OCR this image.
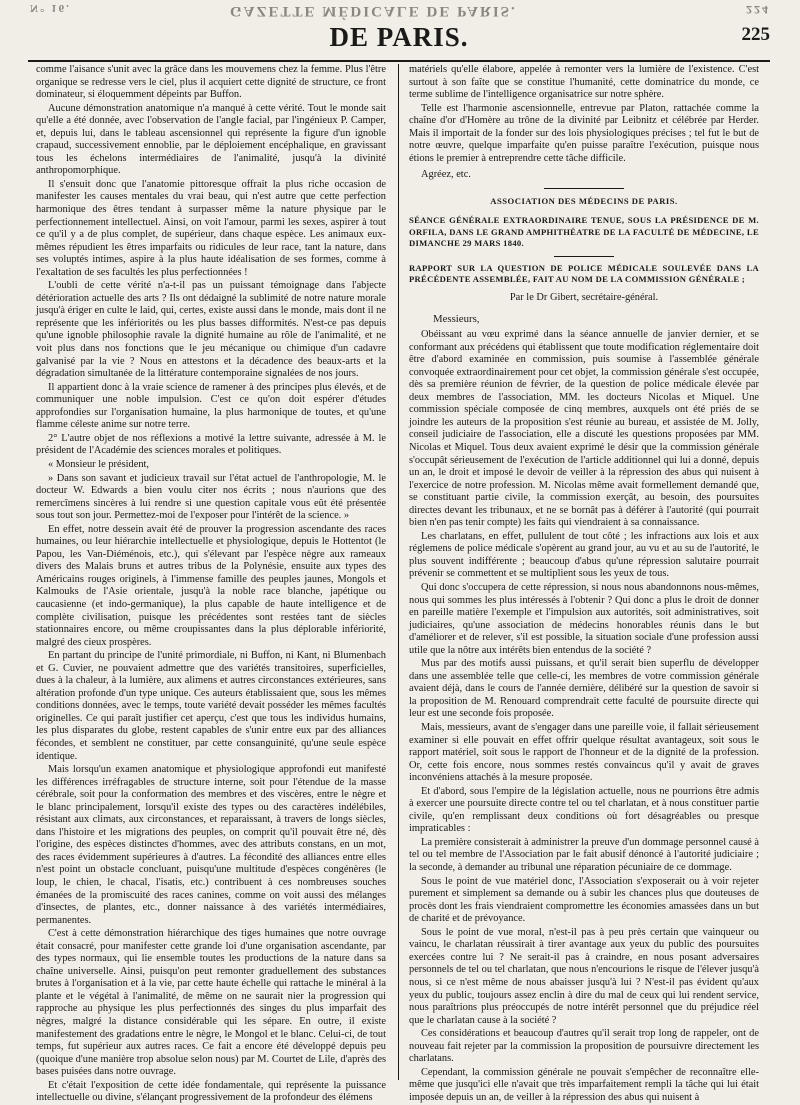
N° 16.	GAZETTE MÉDICALE DE PARIS.	224
DE PARIS.	225

comme l'aisance s'unit avec la grâce dans les mouvemens chez la femme. Plus l'être organique se redresse vers le ciel, plus il acquiert cette dignité de structure, ce front dominateur, si éloquemment dépeints par Buffon.

Aucune démonstration anatomique n'a manqué à cette vérité. Tout le monde sait qu'elle a été donnée, avec l'observation de l'angle facial, par l'ingénieux P. Camper, et, depuis lui, dans le tableau ascensionnel qui représente la figure d'un ignoble crapaud, successivement ennoblie, par le déploiement encéphalique, en gravissant tous les échelons intermédiaires de l'animalité, jusqu'à la divinité anthropomorphique.

Il s'ensuit donc que l'anatomie pittoresque offrait la plus riche occasion de manifester les causes mentales du vrai beau, qui n'est autre que cette perfection harmonique des êtres tendant à surpasser même la nature physique par le perfectionnement intellectuel. Ainsi, on voit l'amour, parmi les sexes, aspirer à tout ce qu'il y a de plus complet, de supérieur, dans chaque espèce. Les animaux eux-mêmes répudient les êtres imparfaits ou ridicules de leur race, tant la nature, dans ses voluptés intimes, aspire à la plus haute idéalisation de ses formes, comme à l'exaltation de ses facultés les plus perfectionnées !

L'oubli de cette vérité n'a-t-il pas un puissant témoignage dans l'abjecte détérioration actuelle des arts ? Ils ont dédaigné la sublimité de notre nature morale jusqu'à ériger en culte le laid, qui, certes, existe aussi dans le monde, mais dont il ne représente que les infériorités ou les plus basses difformités. N'est-ce pas depuis qu'une ignoble philosophie ravale la dignité humaine au rôle de l'animalité, et ne voit plus dans nos fonctions que le jeu mécanique ou chimique d'un cadavre galvanisé par la vie ? Nous en attestons et la décadence des beaux-arts et la dégradation simultanée de la littérature contemporaine signalées de nos jours.

Il appartient donc à la vraie science de ramener à des principes plus élevés, et de communiquer une noble impulsion. C'est ce qu'on doit espérer d'études approfondies sur l'organisation humaine, la plus harmonique de toutes, et qu'une flamme céleste anime sur notre terre.

2° L'autre objet de nos réflexions a motivé la lettre suivante, adressée à M. le président de l'Académie des sciences morales et politiques.

« Monsieur le président,

» Dans son savant et judicieux travail sur l'état actuel de l'anthropologie, M. le docteur W. Edwards a bien voulu citer nos écrits ; nous n'aurions que des remercîmens sincères à lui rendre si une question capitale vous eût été présentée sous tout son jour. Permettez-moi de l'exposer pour l'intérêt de la science. »

En effet, notre dessein avait été de prouver la progression ascendante des races humaines, ou leur hiérarchie intellectuelle et physiologique, depuis le Hottentot (le Papou, les Van-Diéménois, etc.), qui s'élevant par l'espèce nègre aux rameaux divers des Malais bruns et autres tribus de la Polynésie, ensuite aux types des Américains rouges originels, à l'immense famille des peuples jaunes, Mongols et Kalmouks de l'Asie orientale, jusqu'à la noble race blanche, japétique ou caucasienne (et indo-germanique), la plus capable de haute intelligence et de complète civilisation, puisque les précédentes sont restées tant de siècles stationnaires encore, ou même croupissantes dans la plus déplorable infériorité, malgré des cieux prospères.

En partant du principe de l'unité primordiale, ni Buffon, ni Kant, ni Blumenbach et G. Cuvier, ne pouvaient admettre que des variétés transitoires, superficielles, dues à la chaleur, à la lumière, aux alimens et autres circonstances extérieures, sans altération profonde d'un type unique. Ces auteurs établissaient que, sous les mêmes conditions données, avec le temps, toute variété devait posséder les mêmes facultés originelles. Ce qui paraît justifier cet aperçu, c'est que tous les individus humains, les plus disparates du globe, restent capables de s'unir entre eux par des alliances fécondes, et semblent ne constituer, par cette consanguinité, qu'une seule espèce identique.

Mais lorsqu'un examen anatomique et physiologique approfondi eut manifesté les différences irréfragables de structure interne, soit pour l'étendue de la masse cérébrale, soit pour la conformation des membres et des viscères, entre le nègre et le blanc principalement, lorsqu'il existe des types ou des caractères indélébiles, résistant aux climats, aux circonstances, et reparaissant, à travers de longs siècles, dans l'histoire et les migrations des peuples, on comprit qu'il pouvait être né, dès l'origine, des espèces distinctes d'hommes, avec des attributs constans, en un mot, des races évidemment supérieures à d'autres. La fécondité des alliances entre elles n'est point un obstacle concluant, puisqu'une multitude d'espèces congénères (le loup, le chien, le chacal, l'isatis, etc.) contribuent à ces nombreuses souches émanées de la promiscuité des races canines, comme on voit aussi des mélanges d'insectes, de plantes, etc., donner naissance à des variétés intermédiaires, permanentes.

C'est à cette démonstration hiérarchique des tiges humaines que notre ouvrage était consacré, pour manifester cette grande loi d'une organisation ascendante, par des types normaux, qui lie ensemble toutes les productions de la nature dans sa chaîne universelle. Ainsi, puisqu'on peut remonter graduellement des substances brutes à l'organisation et à la vie, par cette haute échelle qui rattache le minéral à la plante et le végétal à l'animalité, de même on ne saurait nier la progression qui rapproche au physique les plus perfectionnés des singes du plus imparfait des nègres, malgré la distance considérable qui les sépare. En outre, il existe manifestement des gradations entre le nègre, le Mongol et le blanc. Celui-ci, de tout temps, fut supérieur aux autres races. Ce fait a encore été développé depuis peu (quoique d'une manière trop absolue selon nous) par M. Courtet de Lile, d'après des bases puisées dans notre ouvrage.

Et c'était l'exposition de cette idée fondamentale, qui représente la puissance intellectuelle ou divine, s'élançant progressivement de la profondeur des élémens

matériels qu'elle élabore, appelée à remonter vers la lumière de l'existence. C'est surtout à son faîte que se constitue l'humanité, cette dominatrice du monde, ce terme sublime de l'intelligence organisatrice sur notre sphère.

Telle est l'harmonie ascensionnelle, entrevue par Platon, rattachée comme la chaîne d'or d'Homère au trône de la divinité par Leibnitz et célébrée par Herder. Mais il importait de la fonder sur des lois physiologiques précises ; tel fut le but de notre œuvre, quelque imparfaite qu'en puisse paraître l'exécution, puisque nous étions le premier à entreprendre cette tâche difficile.

Agréez, etc.

ASSOCIATION DES MÉDECINS DE PARIS.

SÉANCE GÉNÉRALE EXTRAORDINAIRE TENUE, SOUS LA PRÉSIDENCE DE M. ORFILA, DANS LE GRAND AMPHITHÉATRE DE LA FACULTÉ DE MÉDECINE, LE DIMANCHE 29 MARS 1840.

RAPPORT SUR LA QUESTION DE POLICE MÉDICALE SOULEVÉE DANS LA PRÉCÉDENTE ASSEMBLÉE, FAIT AU NOM DE LA COMMISSION GÉNÉRALE ;

Par le Dr Gibert, secrétaire-général.

Messieurs,

Obéissant au vœu exprimé dans la séance annuelle de janvier dernier, et se conformant aux précédens qui établissent que toute modification réglementaire doit être d'abord examinée en commission, puis soumise à l'assemblée générale convoquée extraordinairement pour cet objet, la commission générale s'est occupée, dès sa première réunion de février, de la question de police médicale élevée par deux membres de l'association, MM. les docteurs Nicolas et Miquel. Une commission spéciale composée de cinq membres, auxquels ont été priés de se joindre les auteurs de la proposition s'est réunie au bureau, et assistée de M. Jolly, conseil judiciaire de l'association, elle a discuté les questions proposées par MM. Nicolas et Miquel. Tous deux avaient exprimé le désir que la commission générale s'occupât sérieusement de l'exécution de l'article additionnel qui lui a donné, depuis un an, le droit et imposé le devoir de veiller à la répression des abus qui nuisent à l'exercice de notre profession. M. Nicolas même avait formellement demandé que, se constituant partie civile, la commission exerçât, au besoin, des poursuites directes devant les tribunaux, et ne se bornât pas à déférer à l'autorité (qui pourrait bien n'en pas tenir compte) les faits qui viendraient à sa connaissance.

Les charlatans, en effet, pullulent de tout côté ; les infractions aux lois et aux réglemens de police médicale s'opèrent au grand jour, au vu et au su de l'autorité, le plus souvent indifférente ; beaucoup d'abus qu'une répression salutaire pourrait prévenir se commettent et se multiplient sous les yeux de tous.

Qui donc s'occupera de cette répression, si nous nous abandonnons nous-mêmes, nous qui sommes les plus intéressés à l'obtenir ? Qui donc a plus le droit de donner en pareille matière l'exemple et l'impulsion aux autorités, soit administratives, soit judiciaires, qu'une association de médecins honorables réunis dans le but d'améliorer et de relever, s'il est possible, la situation sociale d'une profession aussi utile que la nôtre aux intérêts bien entendus de la société ?

Mus par des motifs aussi puissans, et qu'il serait bien superflu de développer dans une assemblée telle que celle-ci, les membres de votre commission générale avaient déjà, dans le cours de l'année dernière, délibéré sur la question de savoir si la proposition de M. Renouard comprendrait cette faculté de poursuite directe qui leur est une seconde fois proposée.

Mais, messieurs, avant de s'engager dans une pareille voie, il fallait sérieusement examiner si elle pouvait en effet offrir quelque résultat avantageux, soit sous le rapport matériel, soit sous le rapport de l'honneur et de la dignité de la profession. Or, cette fois encore, nous sommes restés convaincus qu'il y avait de graves inconvéniens attachés à la mesure proposée.

Et d'abord, sous l'empire de la législation actuelle, nous ne pourrions être admis à exercer une poursuite directe contre tel ou tel charlatan, et à nous constituer partie civile, qu'en remplissant deux conditions où fort désagréables ou presque impraticables :

La première consisterait à administrer la preuve d'un dommage personnel causé à tel ou tel membre de l'Association par le fait abusif dénoncé à l'autorité judiciaire ; la seconde, à demander au tribunal une réparation pécuniaire de ce dommage.

Sous le point de vue matériel donc, l'Association s'exposerait ou à voir rejeter purement et simplement sa demande ou à subir les chances plus que douteuses de procès dont les frais viendraient compromettre les économies amassées dans un but de charité et de prévoyance.

Sous le point de vue moral, n'est-il pas à peu près certain que vainqueur ou vaincu, le charlatan réussirait à tirer avantage aux yeux du public des poursuites exercées contre lui ? Ne serait-il pas à craindre, en nous posant adversaires personnels de tel ou tel charlatan, que nous n'encourions le risque de l'élever jusqu'à nous, si ce n'est même de nous abaisser jusqu'à lui ? N'est-il pas évident qu'aux yeux du public, toujours assez enclin à dire du mal de ceux qui lui rendent service, nous paraîtrions plus préoccupés de notre intérêt personnel que du préjudice réel que le charlatan cause à la société ?

Ces considérations et beaucoup d'autres qu'il serait trop long de rappeler, ont de nouveau fait rejeter par la commission la proposition de poursuivre directement les charlatans.

Cependant, la commission générale ne pouvait s'empêcher de reconnaître elle-même que jusqu'ici elle n'avait que très imparfaitement rempli la tâche qui lui était imposée depuis un an, de veiller à la répression des abus qui nuisent à
